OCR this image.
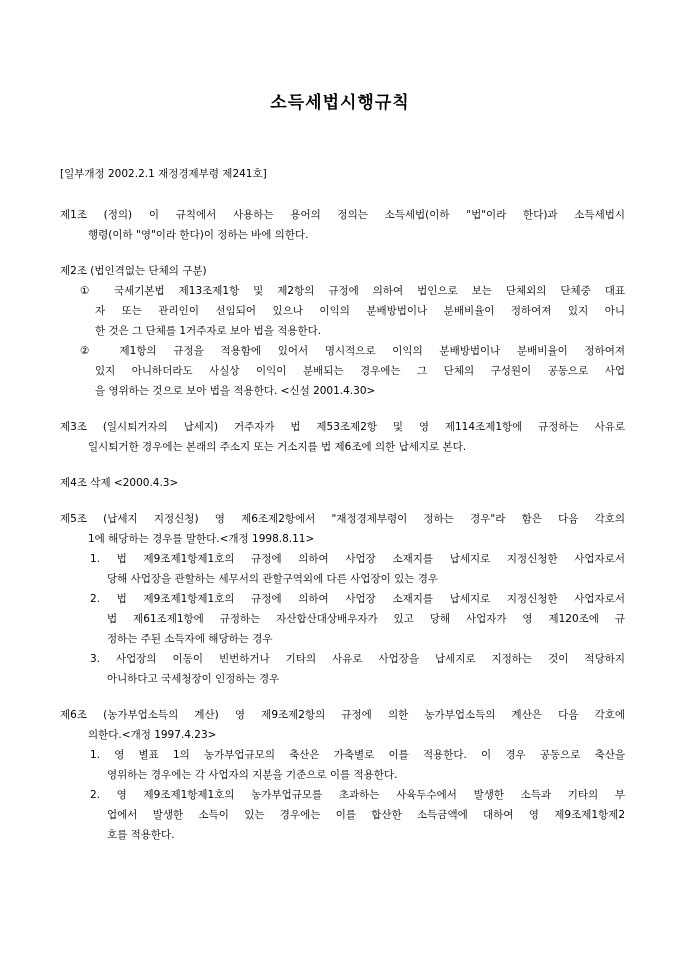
소득세법시행규칙
[일부개정 2002.2.1 재정경제부령 제241호]
제1조 (정의) 이 규칙에서 사용하는 용어의 정의는 소득세법(이하 "법"이라 한다)과 소득세법시
행령(이하 "영"이라 한다)이 정하는 바에 의한다.
제2조 (법인격없는 단체의 구분)
① 국세기본법 제13조제1항 및 제2항의 규정에 의하여 법인으로 보는 단체외의 단체중 대표
자 또는 관리인이 선임되어 있으나 이익의 분배방법이나 분배비율이 정하여져 있지 아니
한 것은 그 단체를 1거주자로 보아 법을 적용한다.
② 제1항의 규정을 적용함에 있어서 명시적으로 이익의 분배방법이나 분배비율이 정하여져
있지 아니하더라도 사실상 이익이 분배되는 경우에는 그 단체의 구성원이 공동으로 사업
을 영위하는 것으로 보아 법을 적용한다. <신설 2001.4.30>
제3조 (일시퇴거자의 납세지) 거주자가 법 제53조제2항 및 영 제114조제1항에 규정하는 사유로
일시퇴거한 경우에는 본래의 주소지 또는 거소지를 법 제6조에 의한 납세지로 본다.
제4조 삭제 <2000.4.3>
제5조 (납세지 지정신청) 영 제6조제2항에서 "재정경제부령이 정하는 경우"라 함은 다음 각호의
1에 해당하는 경우를 말한다.<개정 1998.8.11>
1. 법 제9조제1항제1호의 규정에 의하여 사업장 소재지를 납세지로 지정신청한 사업자로서
당해 사업장을 관할하는 세무서의 관할구역외에 다른 사업장이 있는 경우
2. 법 제9조제1항제1호의 규정에 의하여 사업장 소재지를 납세지로 지정신청한 사업자로서
법 제61조제1항에 규정하는 자산합산대상배우자가 있고 당해 사업자가 영 제120조에 규
정하는 주된 소득자에 해당하는 경우
3. 사업장의 이동이 빈번하거나 기타의 사유로 사업장을 납세지로 지정하는 것이 적당하지
아니하다고 국세청장이 인정하는 경우
제6조 (농가부업소득의 계산) 영 제9조제2항의 규정에 의한 농가부업소득의 계산은 다음 각호에
의한다.<개정 1997.4.23>
1. 영 별표 1의 농가부업규모의 축산은 가축별로 이를 적용한다. 이 경우 공동으로 축산을
영위하는 경우에는 각 사업자의 지분을 기준으로 이를 적용한다.
2. 영 제9조제1항제1호의 농가부업규모를 초과하는 사육두수에서 발생한 소득과 기타의 부
업에서 발생한 소득이 있는 경우에는 이를 합산한 소득금액에 대하여 영 제9조제1항제2
호를 적용한다.
